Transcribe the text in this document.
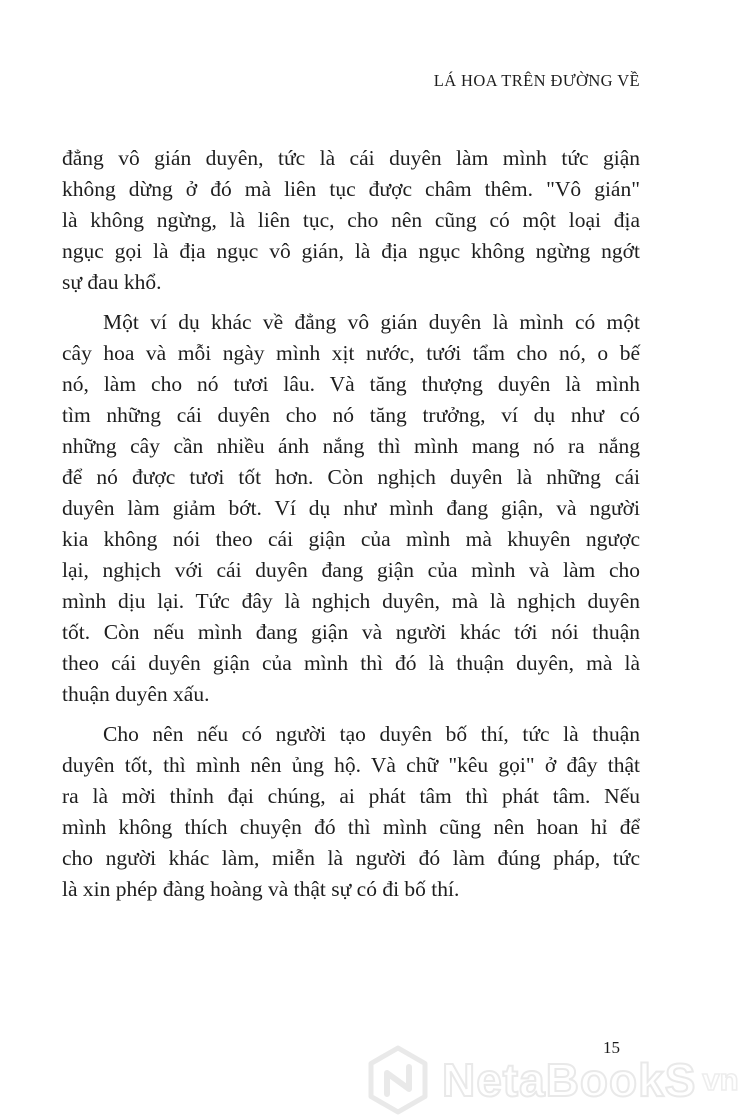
LÁ HOA TRÊN ĐƯỜNG VỀ
đẳng vô gián duyên, tức là cái duyên làm mình tức giận
không dừng ở đó mà liên tục được châm thêm. "Vô gián"
là không ngừng, là liên tục, cho nên cũng có một loại địa
ngục gọi là địa ngục vô gián, là địa ngục không ngừng ngớt
sự đau khổ.
Một ví dụ khác về đẳng vô gián duyên là mình có một
cây hoa và mỗi ngày mình xịt nước, tưới tẩm cho nó, o bế
nó, làm cho nó tươi lâu. Và tăng thượng duyên là mình
tìm những cái duyên cho nó tăng trưởng, ví dụ như có
những cây cần nhiều ánh nắng thì mình mang nó ra nắng
để nó được tươi tốt hơn. Còn nghịch duyên là những cái
duyên làm giảm bớt. Ví dụ như mình đang giận, và người
kia không nói theo cái giận của mình mà khuyên ngược
lại, nghịch với cái duyên đang giận của mình và làm cho
mình dịu lại. Tức đây là nghịch duyên, mà là nghịch duyên
tốt. Còn nếu mình đang giận và người khác tới nói thuận
theo cái duyên giận của mình thì đó là thuận duyên, mà là
thuận duyên xấu.
Cho nên nếu có người tạo duyên bố thí, tức là thuận
duyên tốt, thì mình nên ủng hộ. Và chữ "kêu gọi" ở đây thật
ra là mời thỉnh đại chúng, ai phát tâm thì phát tâm. Nếu
mình không thích chuyện đó thì mình cũng nên hoan hỉ để
cho người khác làm, miễn là người đó làm đúng pháp, tức
là xin phép đàng hoàng và thật sự có đi bố thí.
15
NetaBookS vn
